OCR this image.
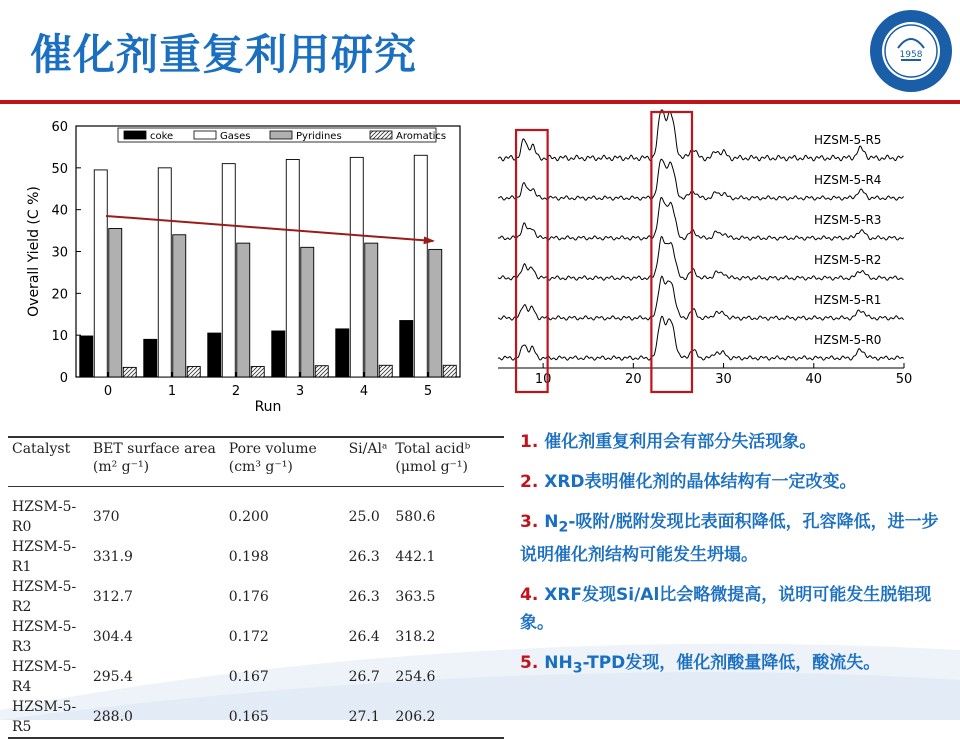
催化剂重复利用研究	1958
0
10
20
30
40
50
60
Overall Yield (C %)
0	1	2	3	4	5
Run
coke	Gases	Pyridines	Aromatics
10	20	30	40	50
HZSM-5-R5
HZSM-5-R4
HZSM-5-R3
HZSM-5-R2
HZSM-5-R1
HZSM-5-R0
Catalyst	BET surface area (m² g⁻¹)	Pore volume (cm³ g⁻¹)	Si/Alᵃ	Total acidᵇ (μmol g⁻¹)
HZSM-5-R0	370	0.200	25.0	580.6
HZSM-5-R1	331.9	0.198	26.3	442.1
HZSM-5-R2	312.7	0.176	26.3	363.5
HZSM-5-R3	304.4	0.172	26.4	318.2
HZSM-5-R4	295.4	0.167	26.7	254.6
HZSM-5-R5	288.0	0.165	27.1	206.2
1. 催化剂重复利用会有部分失活现象。
2. XRD表明催化剂的晶体结构有一定改变。
3. $N_2-$吸附/脱附发现比表面积降低，孔容降低，进一步说明催化剂结构可能发生坍塌。
4. XRF发现Si/Al比会略微提高，说明可能发生脱铝现象。
5. $NH_3$-TPD发现，催化剂酸量降低，酸流失。
